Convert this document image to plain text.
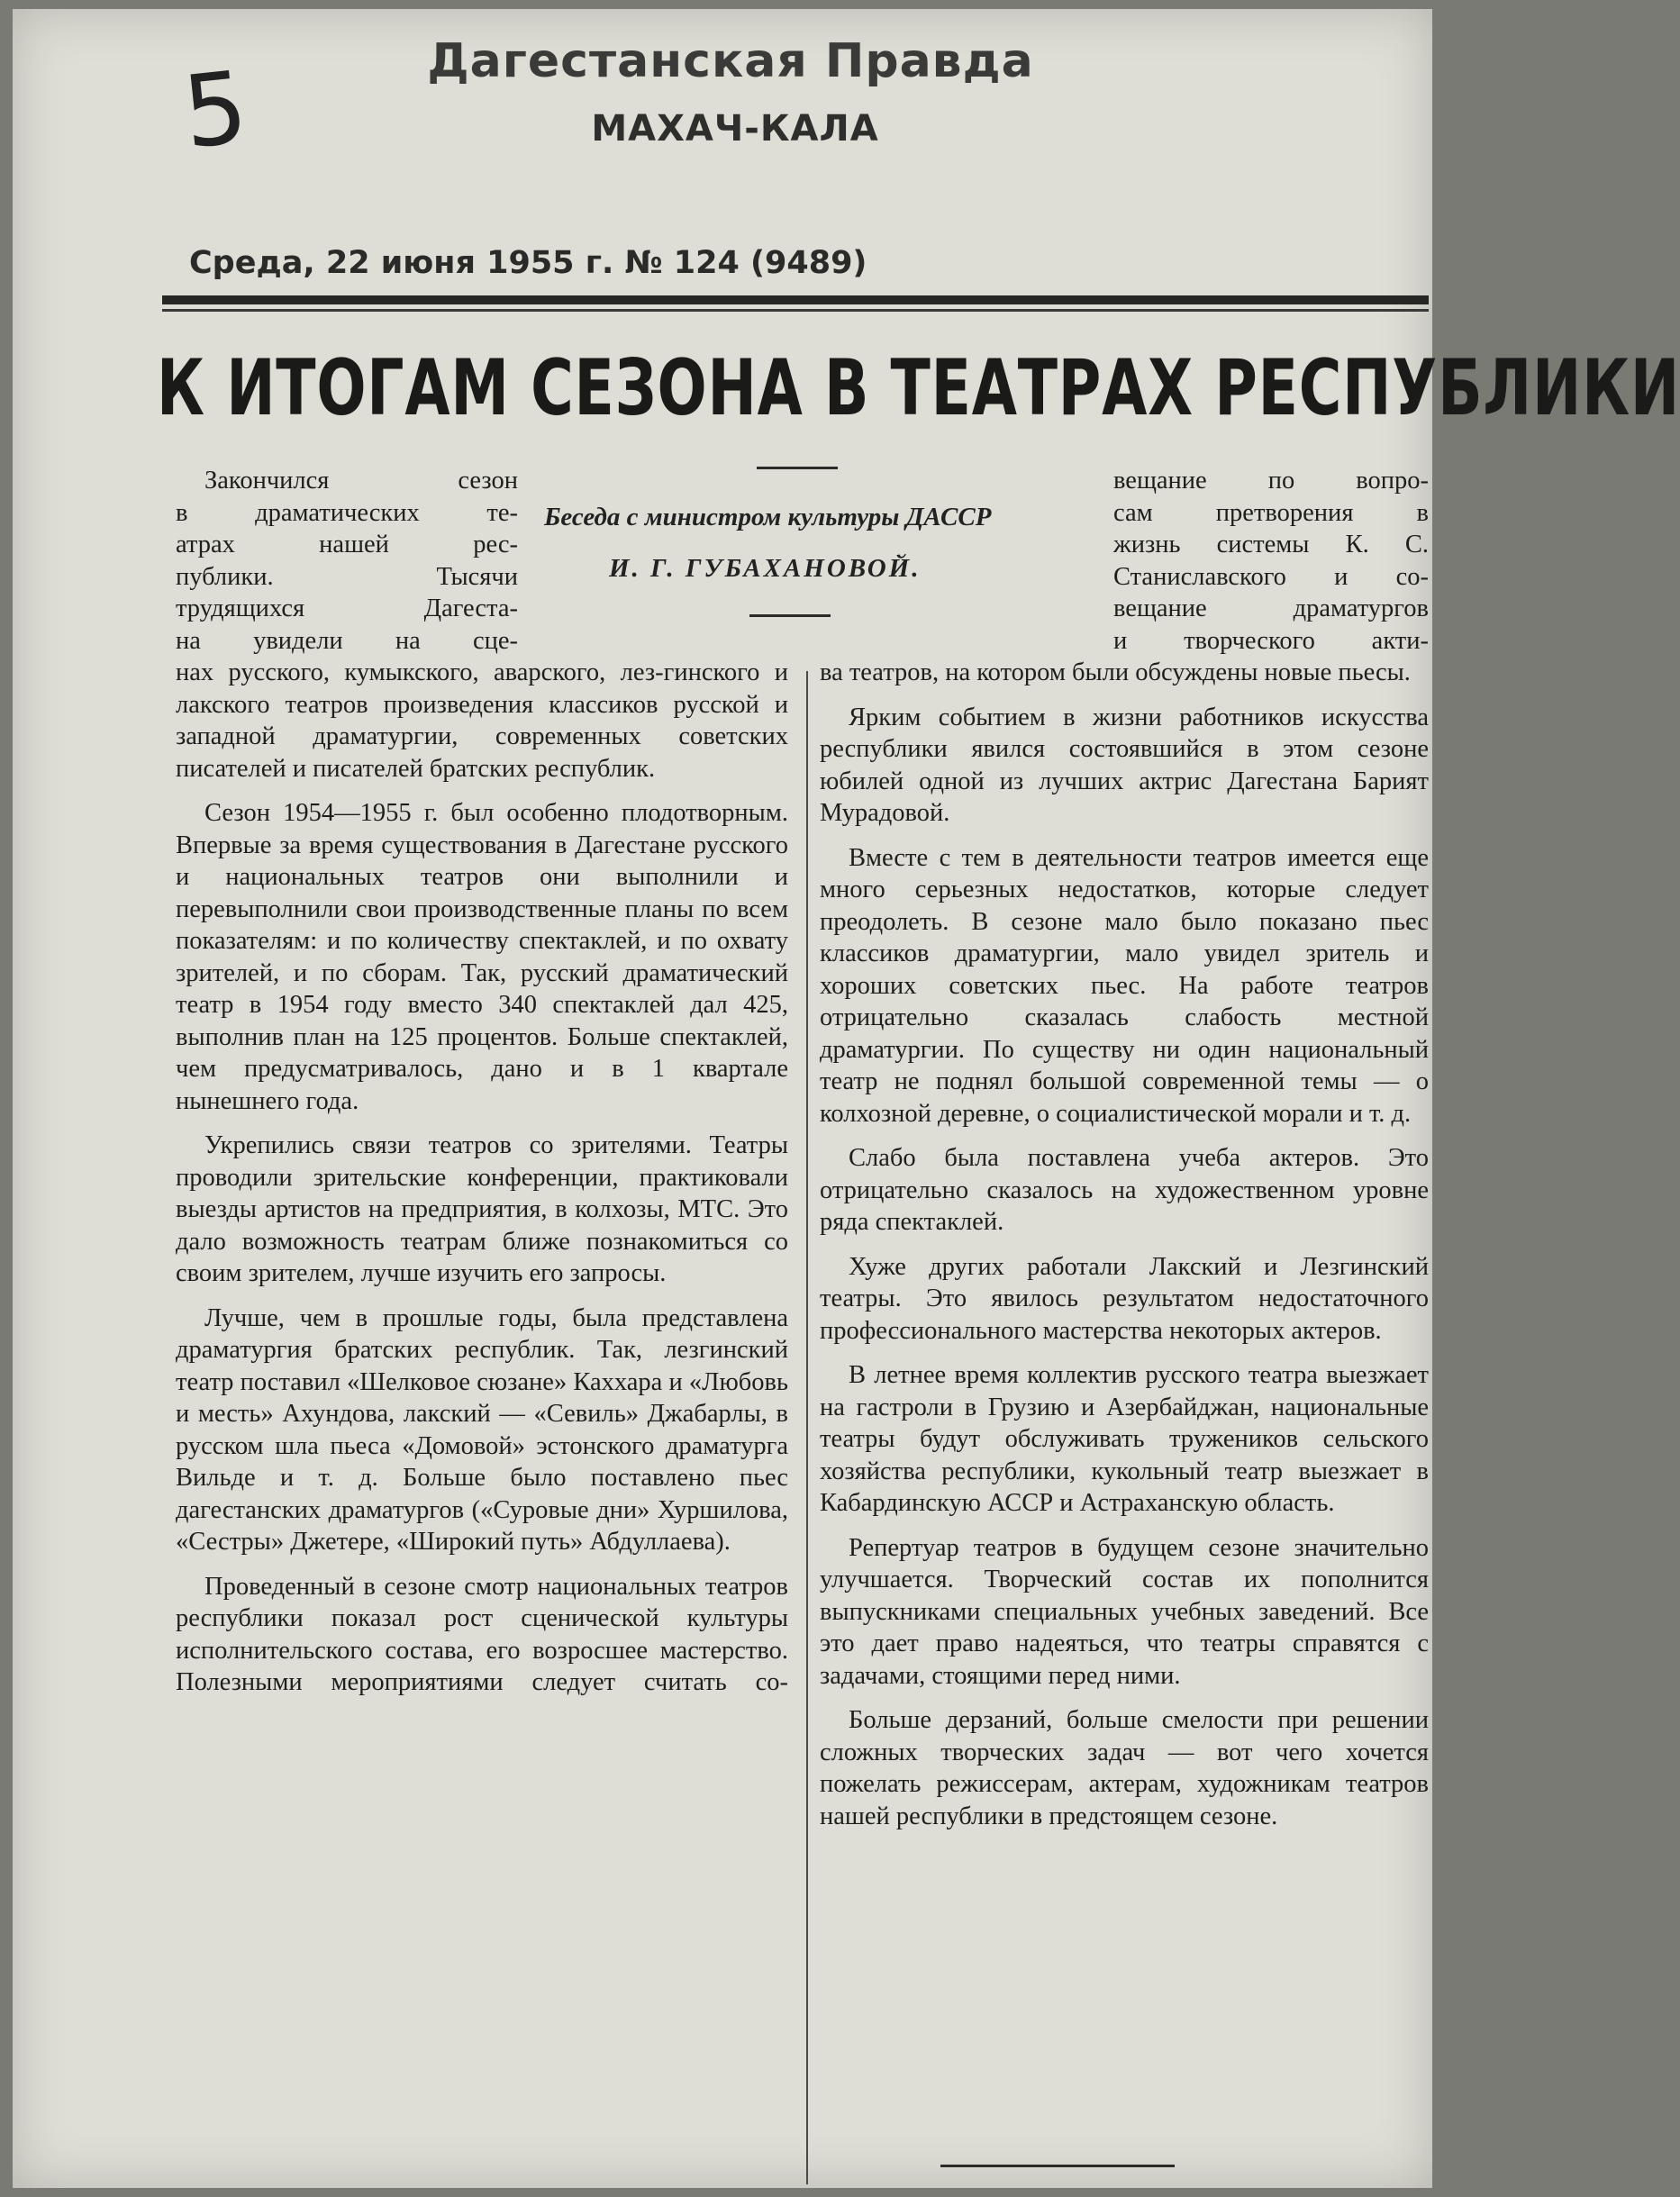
5	Дагестанская Правда
МАХАЧ-КАЛА
Среда, 22 июня 1955 г. № 124 (9489)
К ИТОГАМ СЕЗОНА В ТЕАТРАХ РЕСПУБЛИКИ
Беседа с министром культуры ДАССР
И. Г. ГУБАХАНОВОЙ.
Закончился сезон
в драматических те-
атрах нашей рес-
публики. Тысячи
трудящихся Дагеста-
на увидели на сце-

нах русского, кумыкского, аварского, лез-гинского и лакского театров произведения классиков русской и западной драматургии, современных советских писателей и писателей братских республик.

Сезон 1954—1955 г. был особенно плодотворным. Впервые за время существования в Дагестане русского и национальных театров они выполнили и перевыполнили свои производственные планы по всем показателям: и по количеству спектаклей, и по охвату зрителей, и по сборам. Так, русский драматический театр в 1954 году вместо 340 спектаклей дал 425, выполнив план на 125 процентов. Больше спектаклей, чем предусматривалось, дано и в 1 квартале нынешнего года.

Укрепились связи театров со зрителями. Театры проводили зрительские конференции, практиковали выезды артистов на предприятия, в колхозы, МТС. Это дало возможность театрам ближе познакомиться со своим зрителем, лучше изучить его запросы.

Лучше, чем в прошлые годы, была представлена драматургия братских республик. Так, лезгинский театр поставил «Шелковое сюзане» Каххара и «Любовь и месть» Ахундова, лакский — «Севиль» Джабарлы, в русском шла пьеса «Домовой» эстонского драматурга Вильде и т. д. Больше было поставлено пьес дагестанских драматургов («Суровые дни» Хуршилова, «Сестры» Джетере, «Широкий путь» Абдуллаева).

Проведенный в сезоне смотр национальных театров республики показал рост сценической культуры исполнительского состава, его возросшее мастерство. Полезными мероприятиями следует считать со-

вещание по вопро-
сам претворения в
жизнь системы К. С.
Станиславского и со-
вещание драматургов
и творческого акти-

ва театров, на котором были обсуждены новые пьесы.

Ярким событием в жизни работников искусства республики явился состоявшийся в этом сезоне юбилей одной из лучших актрис Дагестана Барият Мурадовой.

Вместе с тем в деятельности театров имеется еще много серьезных недостатков, которые следует преодолеть. В сезоне мало было показано пьес классиков драматургии, мало увидел зритель и хороших советских пьес. На работе театров отрицательно сказалась слабость местной драматургии. По существу ни один национальный театр не поднял большой современной темы — о колхозной деревне, о социалистической морали и т. д.

Слабо была поставлена учеба актеров. Это отрицательно сказалось на художественном уровне ряда спектаклей.

Хуже других работали Лакский и Лезгинский театры. Это явилось результатом недостаточного профессионального мастерства некоторых актеров.

В летнее время коллектив русского театра выезжает на гастроли в Грузию и Азербайджан, национальные театры будут обслуживать тружеников сельского хозяйства республики, кукольный театр выезжает в Кабардинскую АССР и Астраханскую область.

Репертуар театров в будущем сезоне значительно улучшается. Творческий состав их пополнится выпускниками специальных учебных заведений. Все это дает право надеяться, что театры справятся с задачами, стоящими перед ними.

Больше дерзаний, больше смелости при решении сложных творческих задач — вот чего хочется пожелать режиссерам, актерам, художникам театров нашей республики в предстоящем сезоне.
